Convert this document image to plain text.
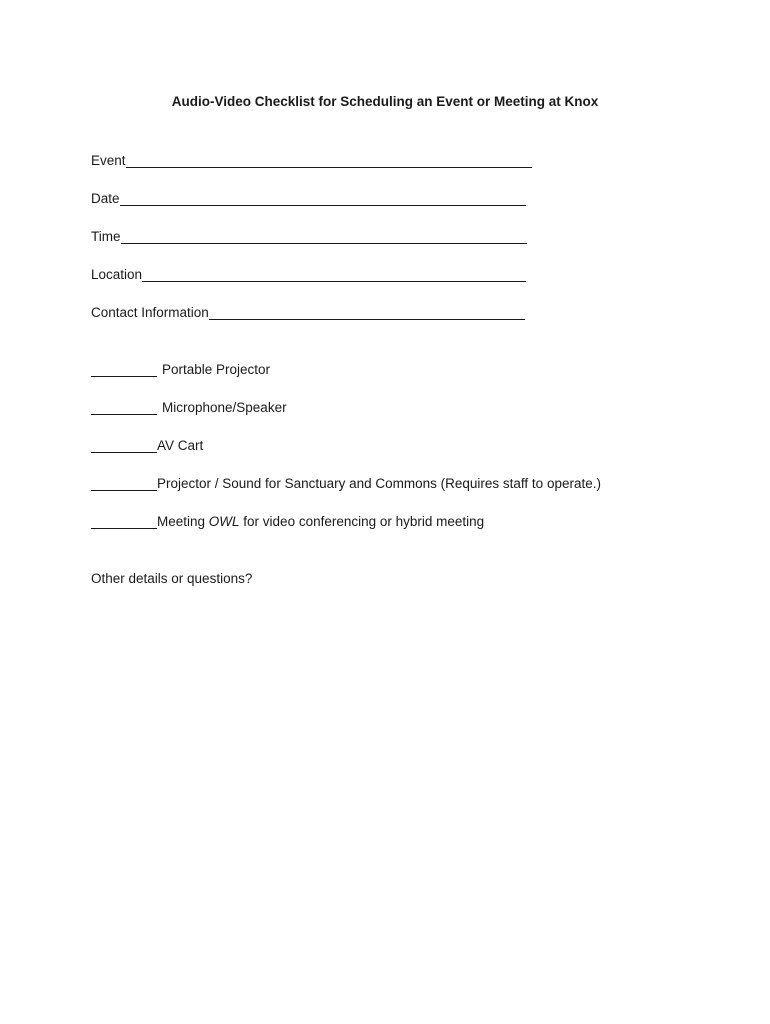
Audio-Video Checklist for Scheduling an Event or Meeting at Knox
Event
Date
Time
Location
Contact Information
Portable Projector
Microphone/Speaker
AV Cart
Projector / Sound for Sanctuary and Commons (Requires staff to operate.)
Meeting OWL for video conferencing or hybrid meeting
Other details or questions?
